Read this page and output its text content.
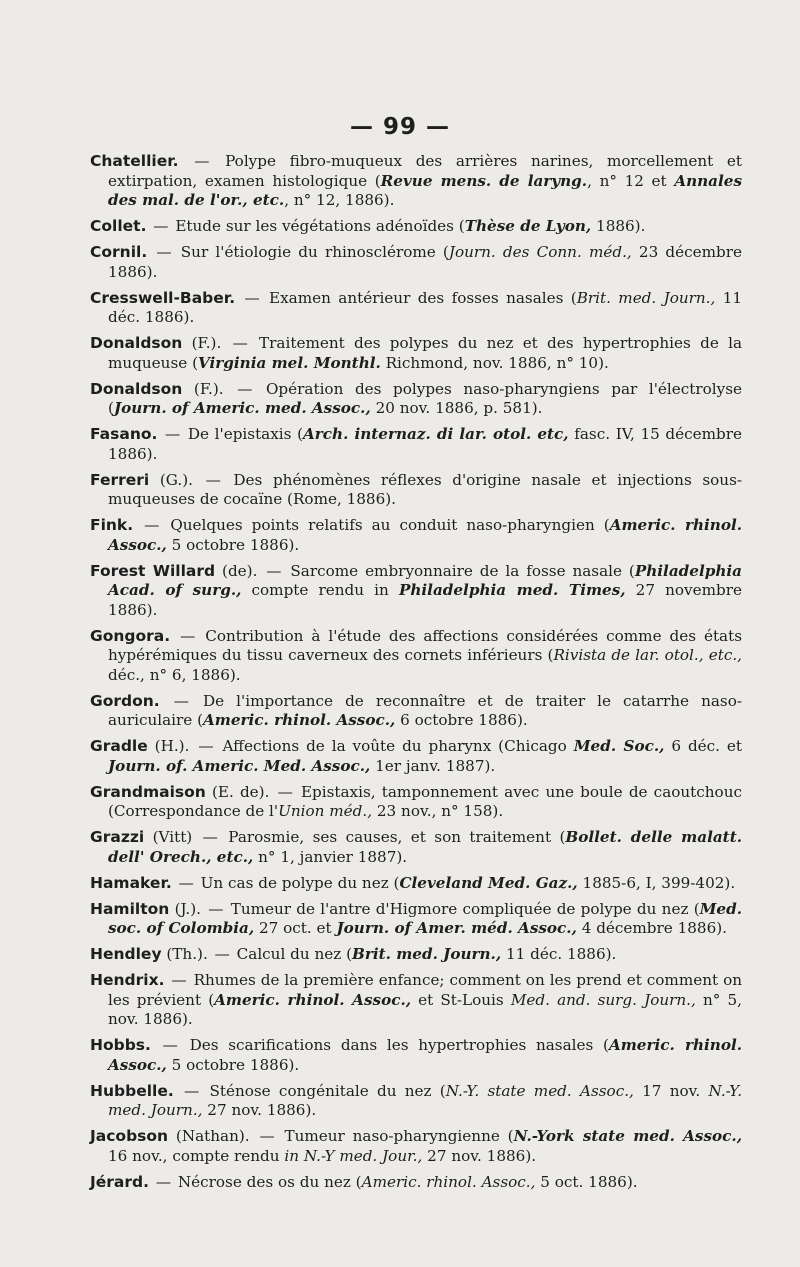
— 99 —

Chatellier. — Polype fibro-muqueux des arrières narines, morcellement et extirpation, examen histologique (Revue mens. de laryng., n° 12 et Annales des mal. de l'or., etc., n° 12, 1886).

Collet. — Etude sur les végétations adénoïdes (Thèse de Lyon, 1886).

Cornil. — Sur l'étiologie du rhinosclérome (Journ. des Conn. méd., 23 décembre 1886).

Cresswell-Baber. — Examen antérieur des fosses nasales (Brit. med. Journ., 11 déc. 1886).

Donaldson (F.). — Traitement des polypes du nez et des hypertrophies de la muqueuse (Virginia mel. Monthl. Richmond, nov. 1886, n° 10).

Donaldson (F.). — Opération des polypes naso-pharyngiens par l'électrolyse (Journ. of Americ. med. Assoc., 20 nov. 1886, p. 581).

Fasano. — De l'epistaxis (Arch. internaz. di lar. otol. etc, fasc. IV, 15 décembre 1886).

Ferreri (G.). — Des phénomènes réflexes d'origine nasale et injections sous-muqueuses de cocaïne (Rome, 1886).

Fink. — Quelques points relatifs au conduit naso-pharyngien (Americ. rhinol. Assoc., 5 octobre 1886).

Forest Willard (de). — Sarcome embryonnaire de la fosse nasale (Philadelphia Acad. of surg., compte rendu in Philadelphia med. Times, 27 novembre 1886).

Gongora. — Contribution à l'étude des affections considérées comme des états hypérémiques du tissu caverneux des cornets inférieurs (Rivista de lar. otol., etc., déc., n° 6, 1886).

Gordon. — De l'importance de reconnaître et de traiter le catarrhe naso-auriculaire (Americ. rhinol. Assoc., 6 octobre 1886).

Gradle (H.). — Affections de la voûte du pharynx (Chicago Med. Soc., 6 déc. et Journ. of. Americ. Med. Assoc., 1er janv. 1887).

Grandmaison (E. de). — Epistaxis, tamponnement avec une boule de caoutchouc (Correspondance de l'Union méd., 23 nov., n° 158).

Grazzi (Vitt) — Parosmie, ses causes, et son traitement (Bollet. delle malatt. dell' Orech., etc., n° 1, janvier 1887).

Hamaker. — Un cas de polype du nez (Cleveland Med. Gaz., 1885-6, I, 399-402).

Hamilton (J.). — Tumeur de l'antre d'Higmore compliquée de polype du nez (Med. soc. of Colombia, 27 oct. et Journ. of Amer. méd. Assoc., 4 décembre 1886).

Hendley (Th.). — Calcul du nez (Brit. med. Journ., 11 déc. 1886).

Hendrix. — Rhumes de la première enfance; comment on les prend et comment on les prévient (Americ. rhinol. Assoc., et St-Louis Med. and. surg. Journ., n° 5, nov. 1886).

Hobbs. — Des scarifications dans les hypertrophies nasales (Americ. rhinol. Assoc., 5 octobre 1886).

Hubbelle. — Sténose congénitale du nez (N.-Y. state med. Assoc., 17 nov. N.-Y. med. Journ., 27 nov. 1886).

Jacobson (Nathan). — Tumeur naso-pharyngienne (N.-York state med. Assoc., 16 nov., compte rendu in N.-Y med. Jour., 27 nov. 1886).

Jérard. — Nécrose des os du nez (Americ. rhinol. Assoc., 5 oct. 1886).
